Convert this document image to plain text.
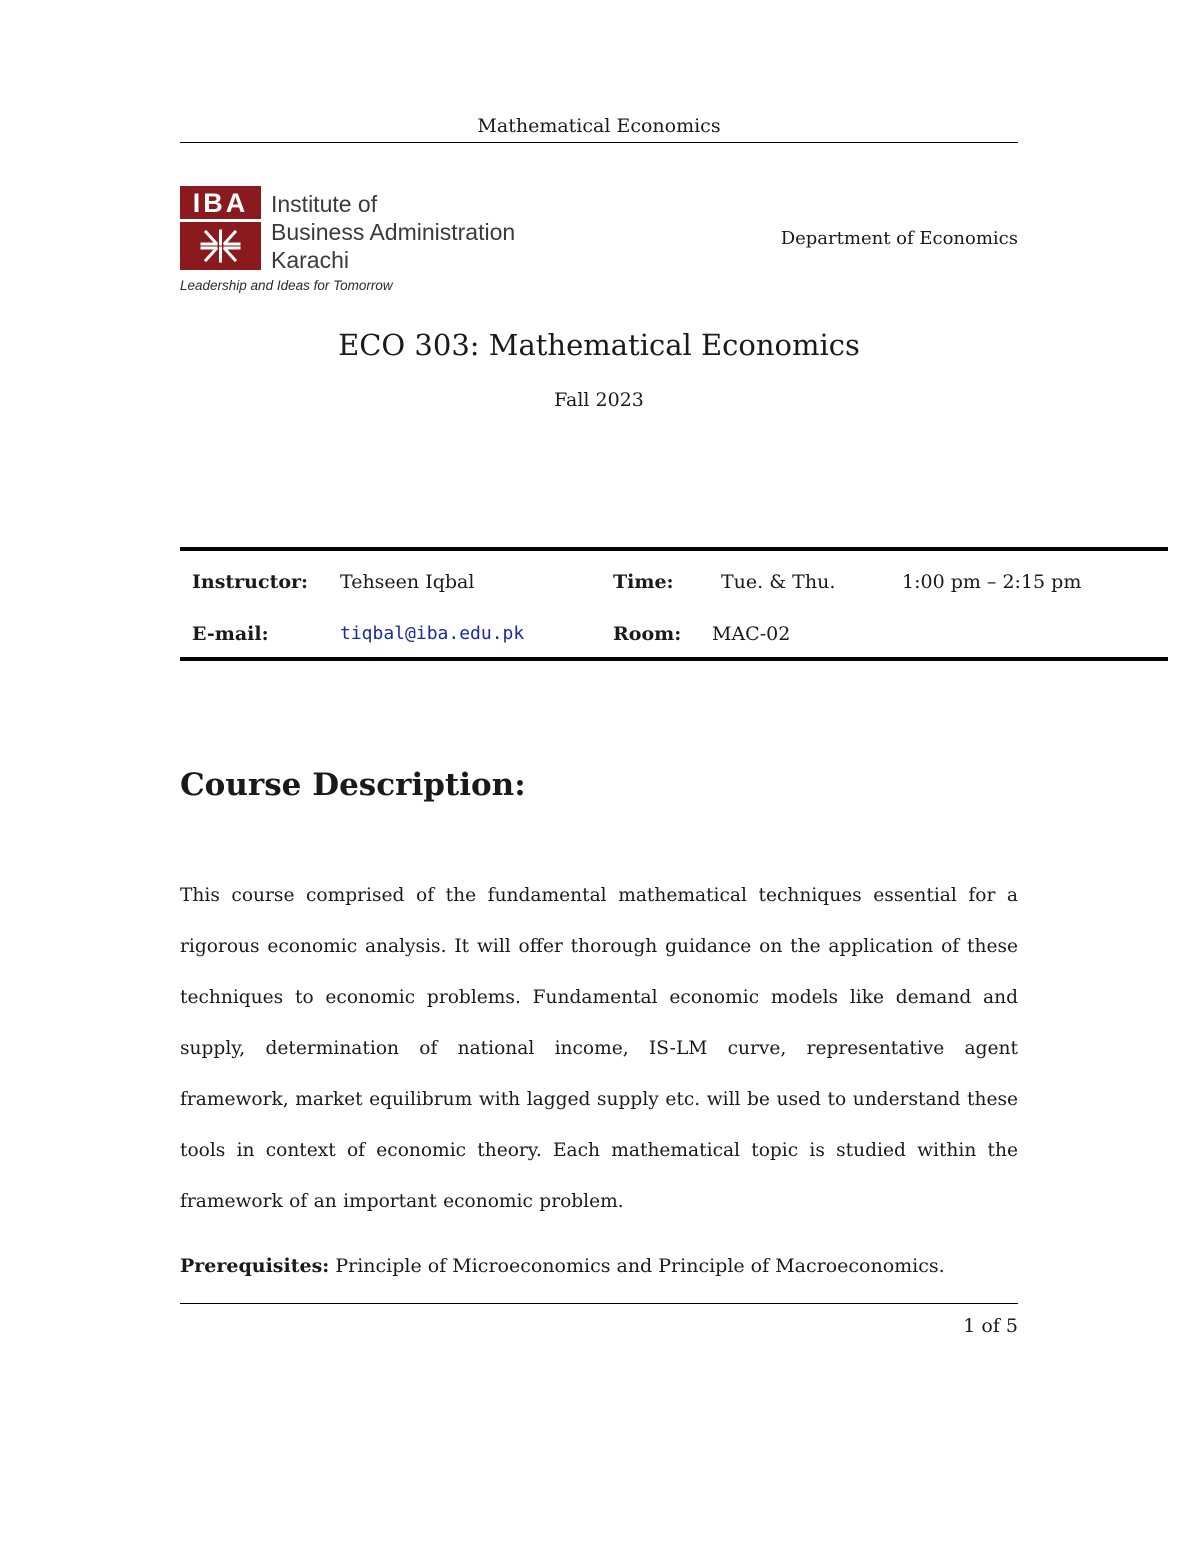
Mathematical Economics
IBA Institute of
Business Administration
Karachi
Leadership and Ideas for Tomorrow
Department of Economics
ECO 303: Mathematical Economics
Fall 2023
Instructor: Tehseen Iqbal	Time: Tue. & Thu.	1:00 pm – 2:15 pm
E-mail:	tiqbal@iba.edu.pk	Room: MAC-02
Course Description:
This course comprised of the fundamental mathematical techniques essential for a rigorous economic analysis. It will offer thorough guidance on the application of these techniques to economic problems. Fundamental economic models like demand and supply, determination of national income, IS-LM curve, representative agent framework, market equilibrum with lagged supply etc. will be used to understand these tools in context of economic theory. Each mathematical topic is studied within the framework of an important economic problem.
Prerequisites: Principle of Microeconomics and Principle of Macroeconomics.
1 of 5
